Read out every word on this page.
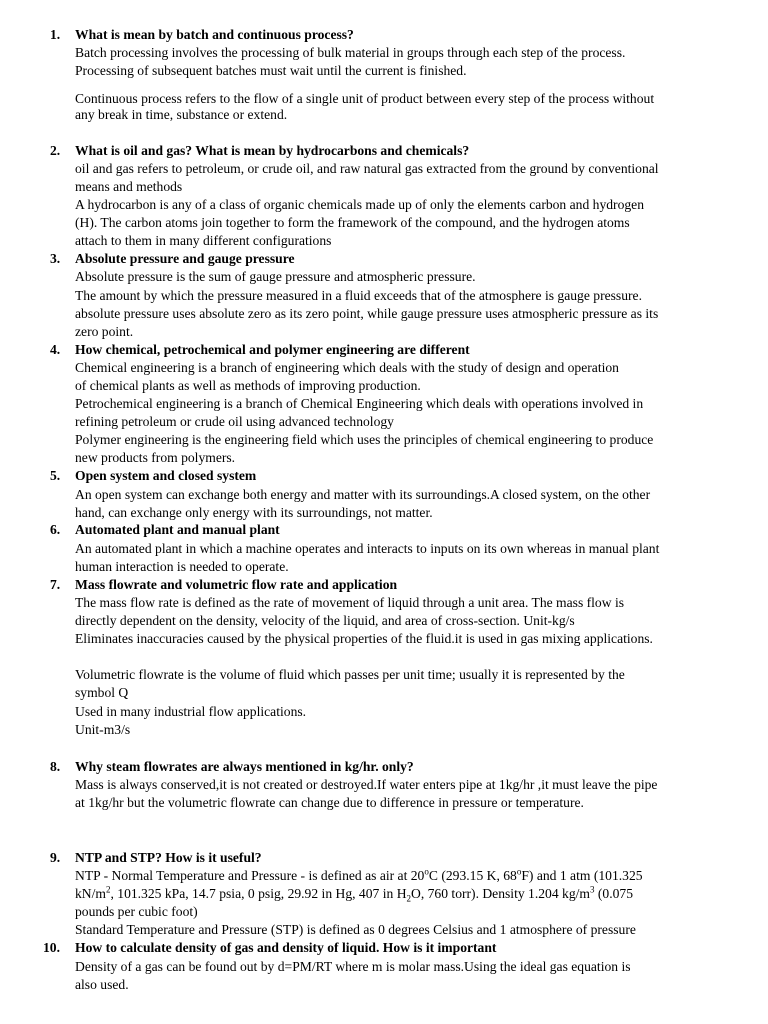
1. What is mean by batch and continuous process?
Batch processing involves the processing of bulk material in groups through each step of the process.
Processing of subsequent batches must wait until the current is finished.
Continuous process refers to the flow of a single unit of product between every step of the process without
any break in time, substance or extend.
2. What is oil and gas? What is mean by hydrocarbons and chemicals?
oil and gas refers to petroleum, or crude oil, and raw natural gas extracted from the ground by conventional
means and methods
A hydrocarbon is any of a class of organic chemicals made up of only the elements carbon and hydrogen
(H). The carbon atoms join together to form the framework of the compound, and the hydrogen atoms
attach to them in many different configurations
3. Absolute pressure and gauge pressure
Absolute pressure is the sum of gauge pressure and atmospheric pressure.
The amount by which the pressure measured in a fluid exceeds that of the atmosphere is gauge pressure.
absolute pressure uses absolute zero as its zero point, while gauge pressure uses atmospheric pressure as its
zero point.
4. How chemical, petrochemical and polymer engineering are different
Chemical engineering is a branch of engineering which deals with the study of design and operation
of chemical plants as well as methods of improving production.
Petrochemical engineering is a branch of Chemical Engineering which deals with operations involved in
refining petroleum or crude oil using advanced technology
Polymer engineering is the engineering field which uses the principles of chemical engineering to produce
new products from polymers.
5. Open system and closed system
An open system can exchange both energy and matter with its surroundings.A closed system, on the other
hand, can exchange only energy with its surroundings, not matter.
6. Automated plant and manual plant
An automated plant in which a machine operates and interacts to inputs on its own whereas in manual plant
human interaction is needed to operate.
7. Mass flowrate and volumetric flow rate and application
The mass flow rate is defined as the rate of movement of liquid through a unit area. The mass flow is
directly dependent on the density, velocity of the liquid, and area of cross-section. Unit-kg/s
Eliminates inaccuracies caused by the physical properties of the fluid.it is used in gas mixing applications.
Volumetric flowrate is the volume of fluid which passes per unit time; usually it is represented by the
symbol Q
Used in many industrial flow applications.
Unit-m3/s
8. Why steam flowrates are always mentioned in kg/hr. only?
Mass is always conserved,it is not created or destroyed.If water enters pipe at 1kg/hr ,it must leave the pipe
at 1kg/hr but the volumetric flowrate can change due to difference in pressure or temperature.
9. NTP and STP? How is it useful?
NTP - Normal Temperature and Pressure - is defined as air at 20$^o$C (293.15 K, 68$^o$F) and 1 atm (101.325
$kN/m^2$, 101.325 kPa, 14.7 psia, 0 psig, 29.92 in Hg, 407 in $H_2O$, 760 torr). Density 1.204 $kg/m^3$ (0.075
pounds per cubic foot)
Standard Temperature and Pressure (STP) is defined as 0 degrees Celsius and 1 atmosphere of pressure
10. How to calculate density of gas and density of liquid. How is it important
Density of a gas can be found out by d=PM/RT where m is molar mass.Using the ideal gas equation is
also used.
